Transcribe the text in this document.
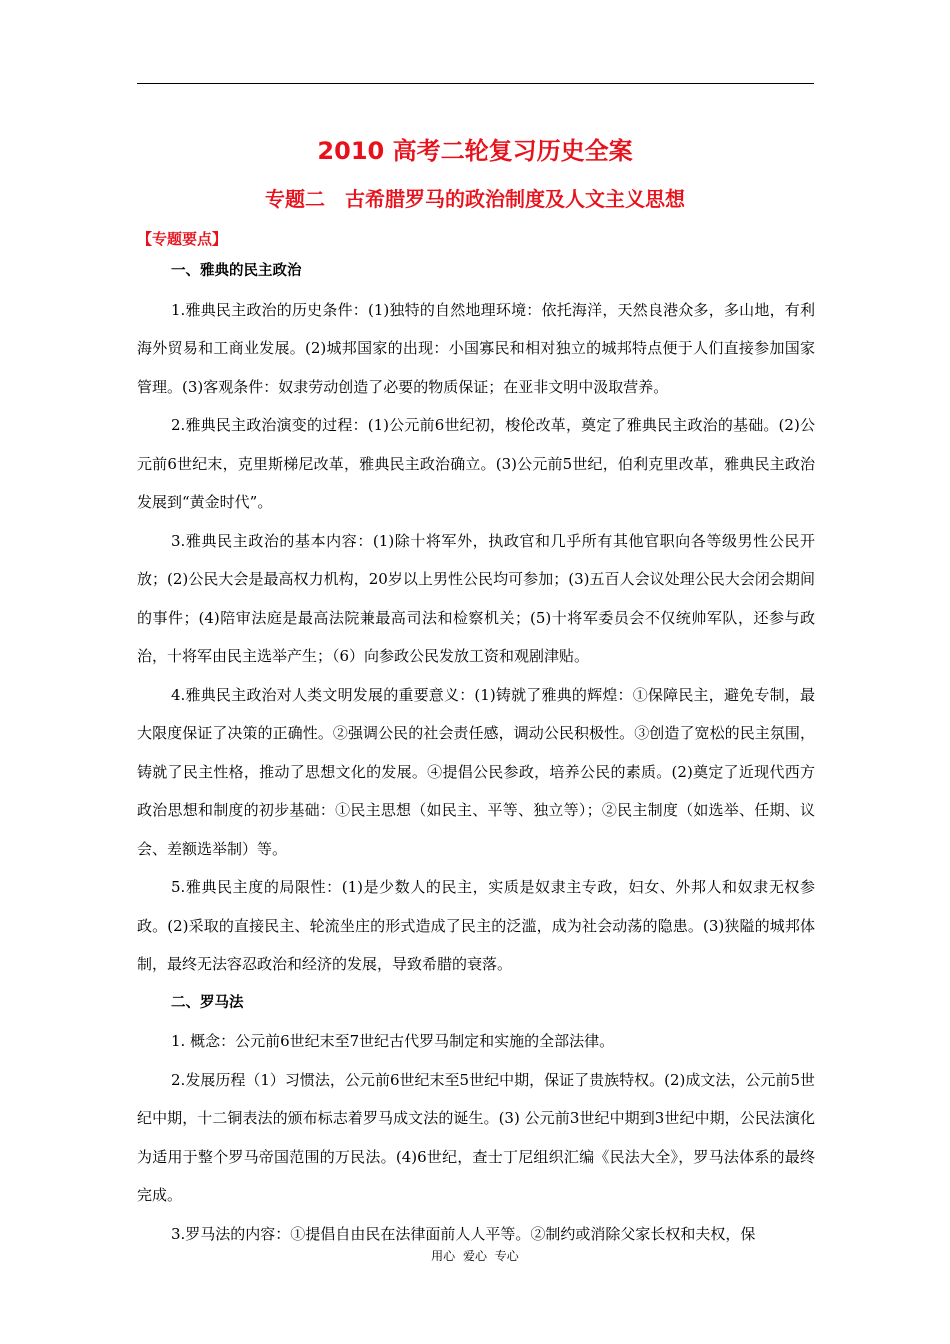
2010 高考二轮复习历史全案
专题二　古希腊罗马的政治制度及人文主义思想
【专题要点】
一、雅典的民主政治

1.雅典民主政治的历史条件：(1)独特的自然地理环境：依托海洋，天然良港众多，多山地，有利海外贸易和工商业发展。(2)城邦国家的出现：小国寡民和相对独立的城邦特点便于人们直接参加国家管理。(3)客观条件：奴隶劳动创造了必要的物质保证；在亚非文明中汲取营养。

2.雅典民主政治演变的过程：(1)公元前6世纪初，梭伦改革，奠定了雅典民主政治的基础。(2)公元前6世纪末，克里斯梯尼改革，雅典民主政治确立。(3)公元前5世纪，伯利克里改革，雅典民主政治发展到“黄金时代”。

3.雅典民主政治的基本内容：(1)除十将军外，执政官和几乎所有其他官职向各等级男性公民开放；(2)公民大会是最高权力机构，20岁以上男性公民均可参加；(3)五百人会议处理公民大会闭会期间的事件；(4)陪审法庭是最高法院兼最高司法和检察机关；(5)十将军委员会不仅统帅军队，还参与政治，十将军由民主选举产生；（6）向参政公民发放工资和观剧津贴。

4.雅典民主政治对人类文明发展的重要意义：(1)铸就了雅典的辉煌：①保障民主，避免专制，最大限度保证了决策的正确性。②强调公民的社会责任感，调动公民积极性。③创造了宽松的民主氛围，铸就了民主性格，推动了思想文化的发展。④提倡公民参政，培养公民的素质。(2)奠定了近现代西方政治思想和制度的初步基础：①民主思想（如民主、平等、独立等）；②民主制度（如选举、任期、议会、差额选举制）等。

5.雅典民主度的局限性：(1)是少数人的民主，实质是奴隶主专政，妇女、外邦人和奴隶无权参政。(2)采取的直接民主、轮流坐庄的形式造成了民主的泛滥，成为社会动荡的隐患。(3)狭隘的城邦体制，最终无法容忍政治和经济的发展，导致希腊的衰落。

二、罗马法

1. 概念：公元前6世纪末至7世纪古代罗马制定和实施的全部法律。

2.发展历程（1）习惯法，公元前6世纪末至5世纪中期，保证了贵族特权。(2)成文法，公元前5世纪中期，十二铜表法的颁布标志着罗马成文法的诞生。(3) 公元前3世纪中期到3世纪中期，公民法演化为适用于整个罗马帝国范围的万民法。(4)6世纪，查士丁尼组织汇编《民法大全》，罗马法体系的最终完成。

3.罗马法的内容：①提倡自由民在法律面前人人平等。②制约或消除父家长权和夫权，保

用心 爱心 专心
